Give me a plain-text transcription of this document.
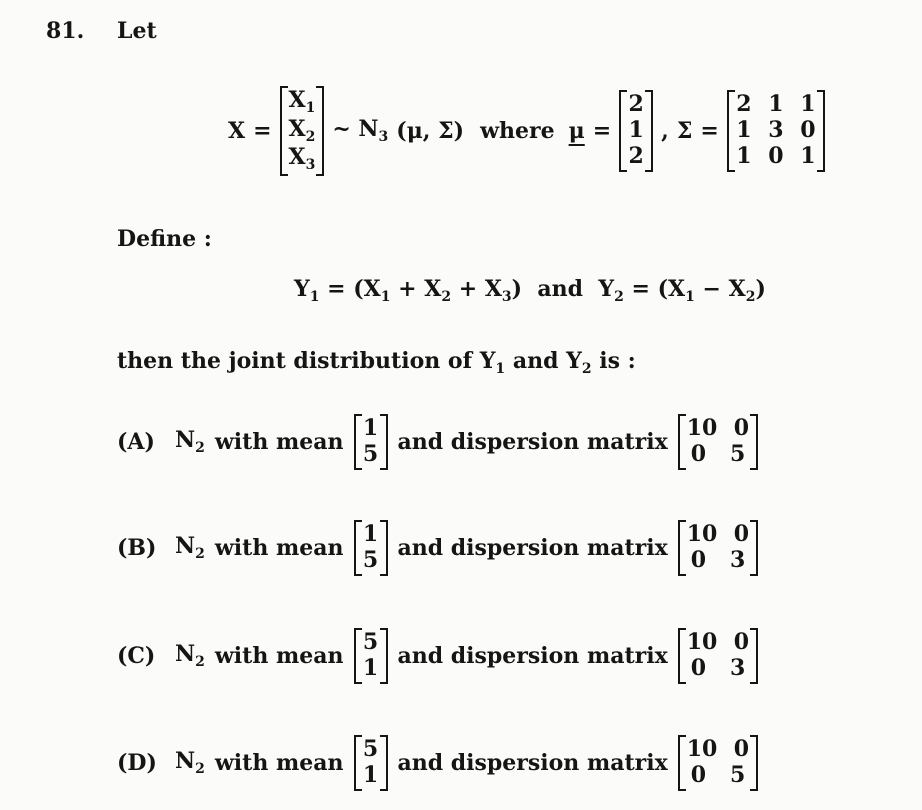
81. Let
X =
$X_1$
$X_2$
$X_3$
~ $N_3$ (μ, Σ) where μ =
2
1
2
, Σ =
2 1 1
1 3 0
1 0 1
Define :
$Y_1 = (X_1 + X_2 + X_3)$ and $Y_2 = (X_1 - X_2)$
then the joint distribution of $Y_1$ and $Y_2$ is :
(A) $N_2$ with mean
1
5 and dispersion matrix
10 0
0 5
(B) $N_2$ with mean
1
5 and dispersion matrix
10 0
0 3
(C) $N_2$ with mean
5
1 and dispersion matrix
10 0
0 3
(D) $N_2$ with mean
5
1 and dispersion matrix
10 0
0 5
